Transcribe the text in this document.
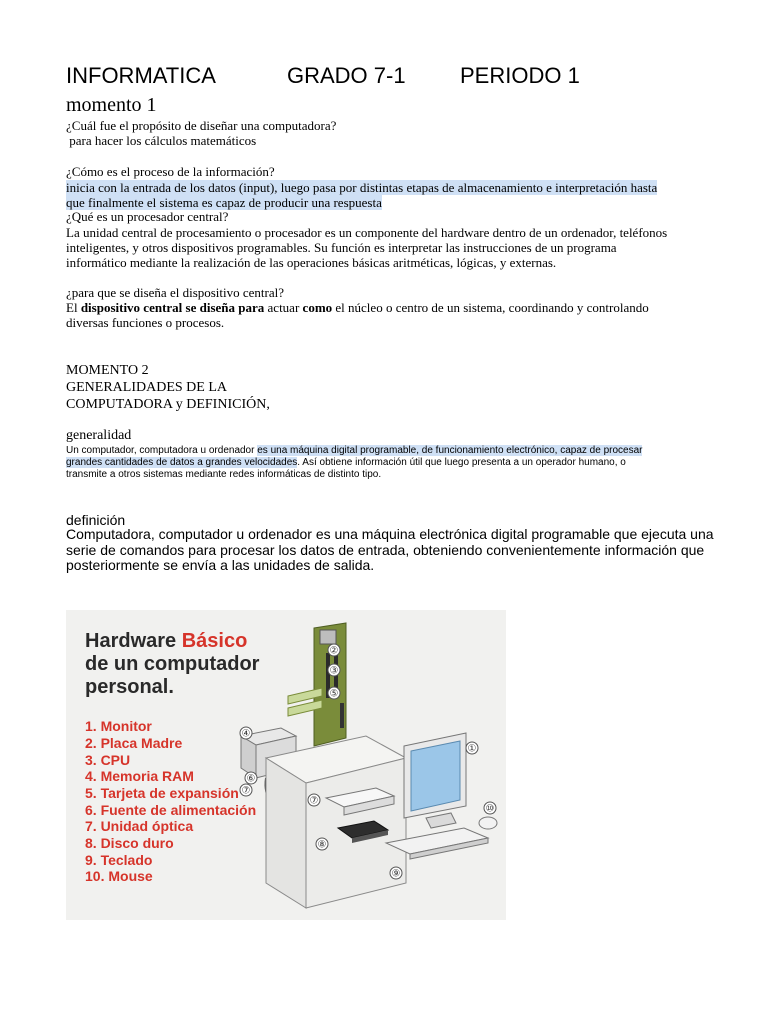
INFORMATICA	GRADO 7-1 PERIODO 1
momento 1
¿Cuál fue el propósito de diseñar una computadora?
para hacer los cálculos matemáticos
¿Cómo es el proceso de la información?
inicia con la entrada de los datos (input), luego pasa por distintas etapas de almacenamiento e interpretación hasta
que finalmente el sistema es capaz de producir una respuesta
¿Qué es un procesador central?
La unidad central de procesamiento o procesador es un componente del hardware dentro de un ordenador, teléfonos
inteligentes, y otros dispositivos programables. Su función es interpretar las instrucciones de un programa
informático mediante la realización de las operaciones básicas aritméticas, lógicas, y externas.
¿para que se diseña el dispositivo central?
El dispositivo central se diseña para actuar como el núcleo o centro de un sistema, coordinando y controlando
diversas funciones o procesos.
MOMENTO 2
GENERALIDADES DE LA
COMPUTADORA y DEFINICIÓN,
generalidad
Un computador, computadora u ordenador es una máquina digital programable, de funcionamiento electrónico, capaz de procesar
grandes cantidades de datos a grandes velocidades. Así obtiene información útil que luego presenta a un operador humano, o
transmite a otros sistemas mediante redes informáticas de distinto tipo.
definición
Computadora, computador u ordenador es una máquina electrónica digital programable que ejecuta una
serie de comandos para procesar los datos de entrada, obteniendo convenientemente información que
posteriormente se envía a las unidades de salida.
Hardware Básico
de un computador
personal.
1. Monitor
2. Placa Madre
3. CPU
4. Memoria RAM
5. Tarjeta de expansión
6. Fuente de alimentación
7. Unidad óptica
8. Disco duro
9. Teclado
10. Mouse
②
③
⑤
④
⑥
⑦
⑦
⑧
⑨
⑩
①
